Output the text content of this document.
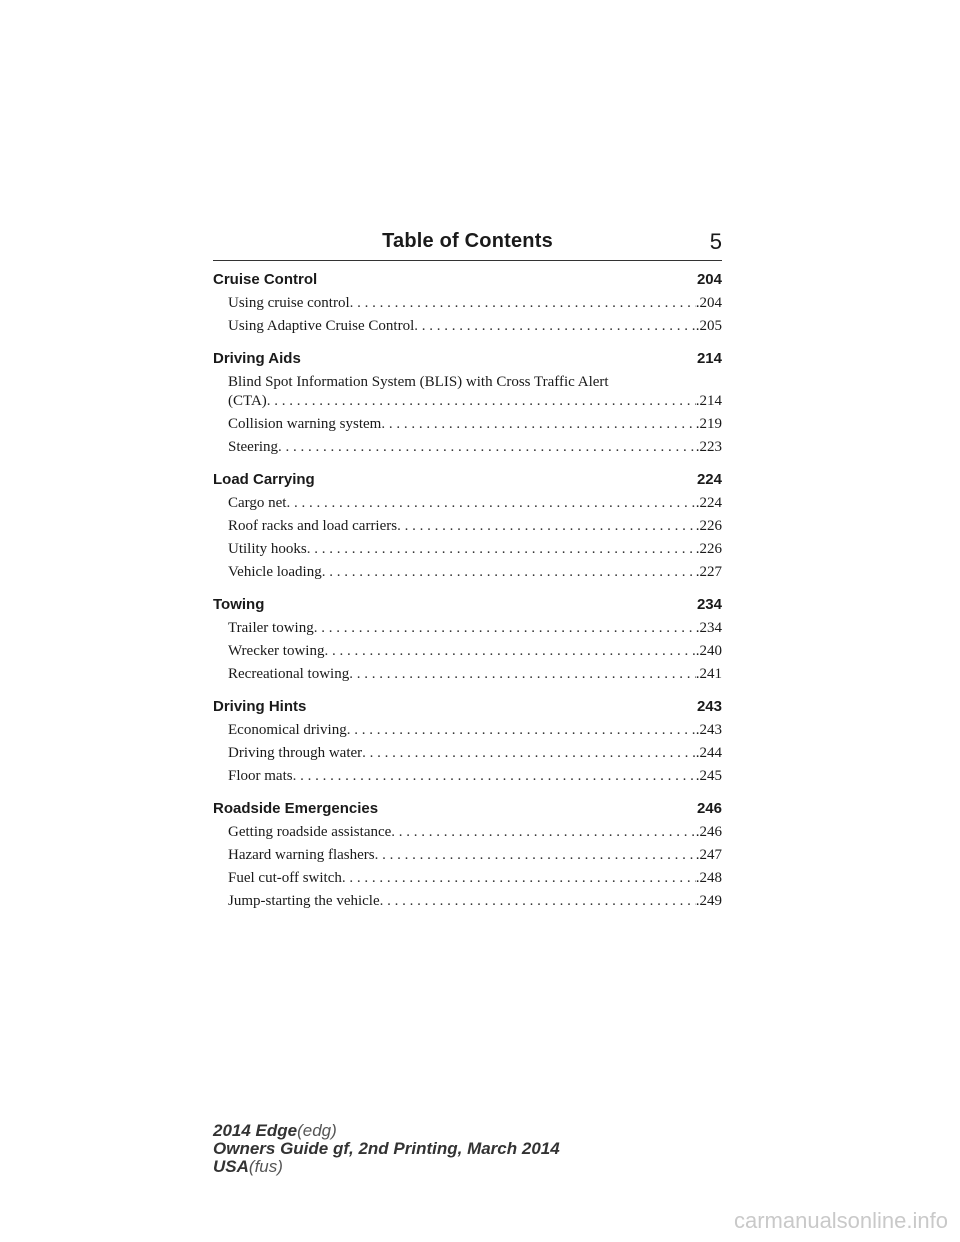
Table of Contents	5
Cruise Control	204
Using cruise control . . .	.204
Using Adaptive Cruise Control . . .	.205
Driving Aids	214
Blind Spot Information System (BLIS) with Cross Traffic Alert
(CTA) . . .	.214
Collision warning system . . .	.219
Steering . . .	.223
Load Carrying	224
Cargo net . . .	.224
Roof racks and load carriers . . .	.226
Utility hooks . . .	.226
Vehicle loading . . .	.227
Towing	234
Trailer towing . . .	.234
Wrecker towing . . .	.240
Recreational towing . . .	.241
Driving Hints	243
Economical driving . . .	.243
Driving through water . . .	.244
Floor mats . . .	.245
Roadside Emergencies	246
Getting roadside assistance . . .	.246
Hazard warning flashers . . .	.247
Fuel cut-off switch . . .	.248
Jump-starting the vehicle . . .	.249
2014 Edge(edg)
Owners Guide gf, 2nd Printing, March 2014
USA(fus)
carmanualsonline.info
